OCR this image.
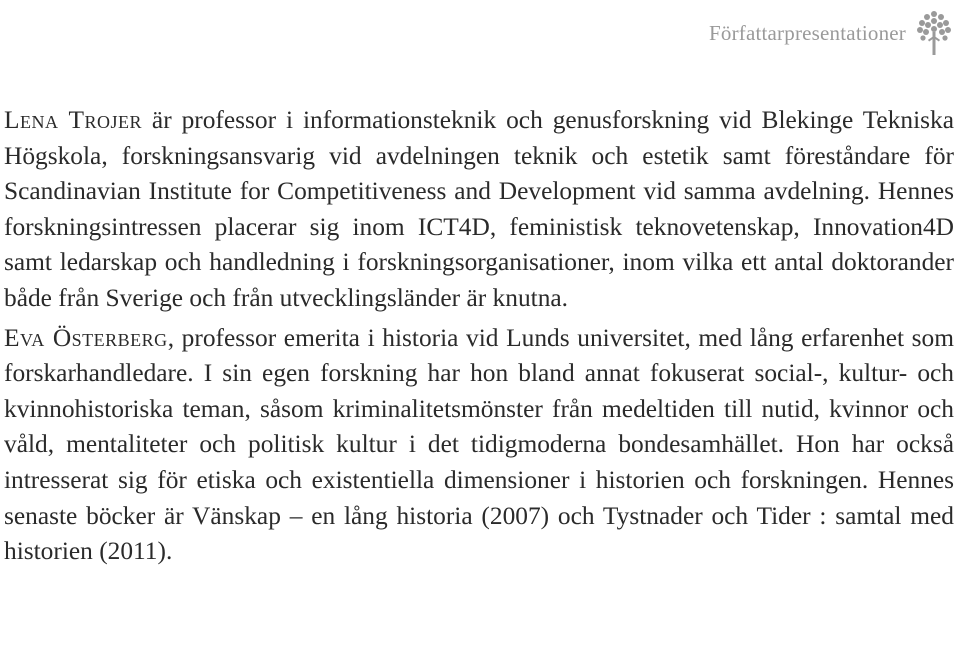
Författarpresentationer

Lena Trojer är professor i informationsteknik och genusforskning vid Blekinge Tekniska Högskola, forskningsansvarig vid avdelningen teknik och estetik samt föreståndare för Scandinavian Institute for Competitiveness and Development vid samma avdelning. Hennes forskningsintressen placerar sig inom ICT4D, feministisk teknovetenskap, Innovation4D samt ledarskap och handledning i forskningsorganisationer, inom vilka ett antal doktorander både från Sverige och från utvecklingsländer är knutna.

Eva Österberg, professor emerita i historia vid Lunds universitet, med lång erfarenhet som forskarhandledare. I sin egen forskning har hon bland annat fokuserat social-, kultur- och kvinnohistoriska teman, såsom kriminalitetsmönster från medeltiden till nutid, kvinnor och våld, mentaliteter och politisk kultur i det tidigmoderna bondesamhället. Hon har också intresserat sig för etiska och existentiella dimensioner i historien och forskningen. Hennes senaste böcker är Vänskap – en lång historia (2007) och Tystnader och Tider : samtal med historien (2011).
